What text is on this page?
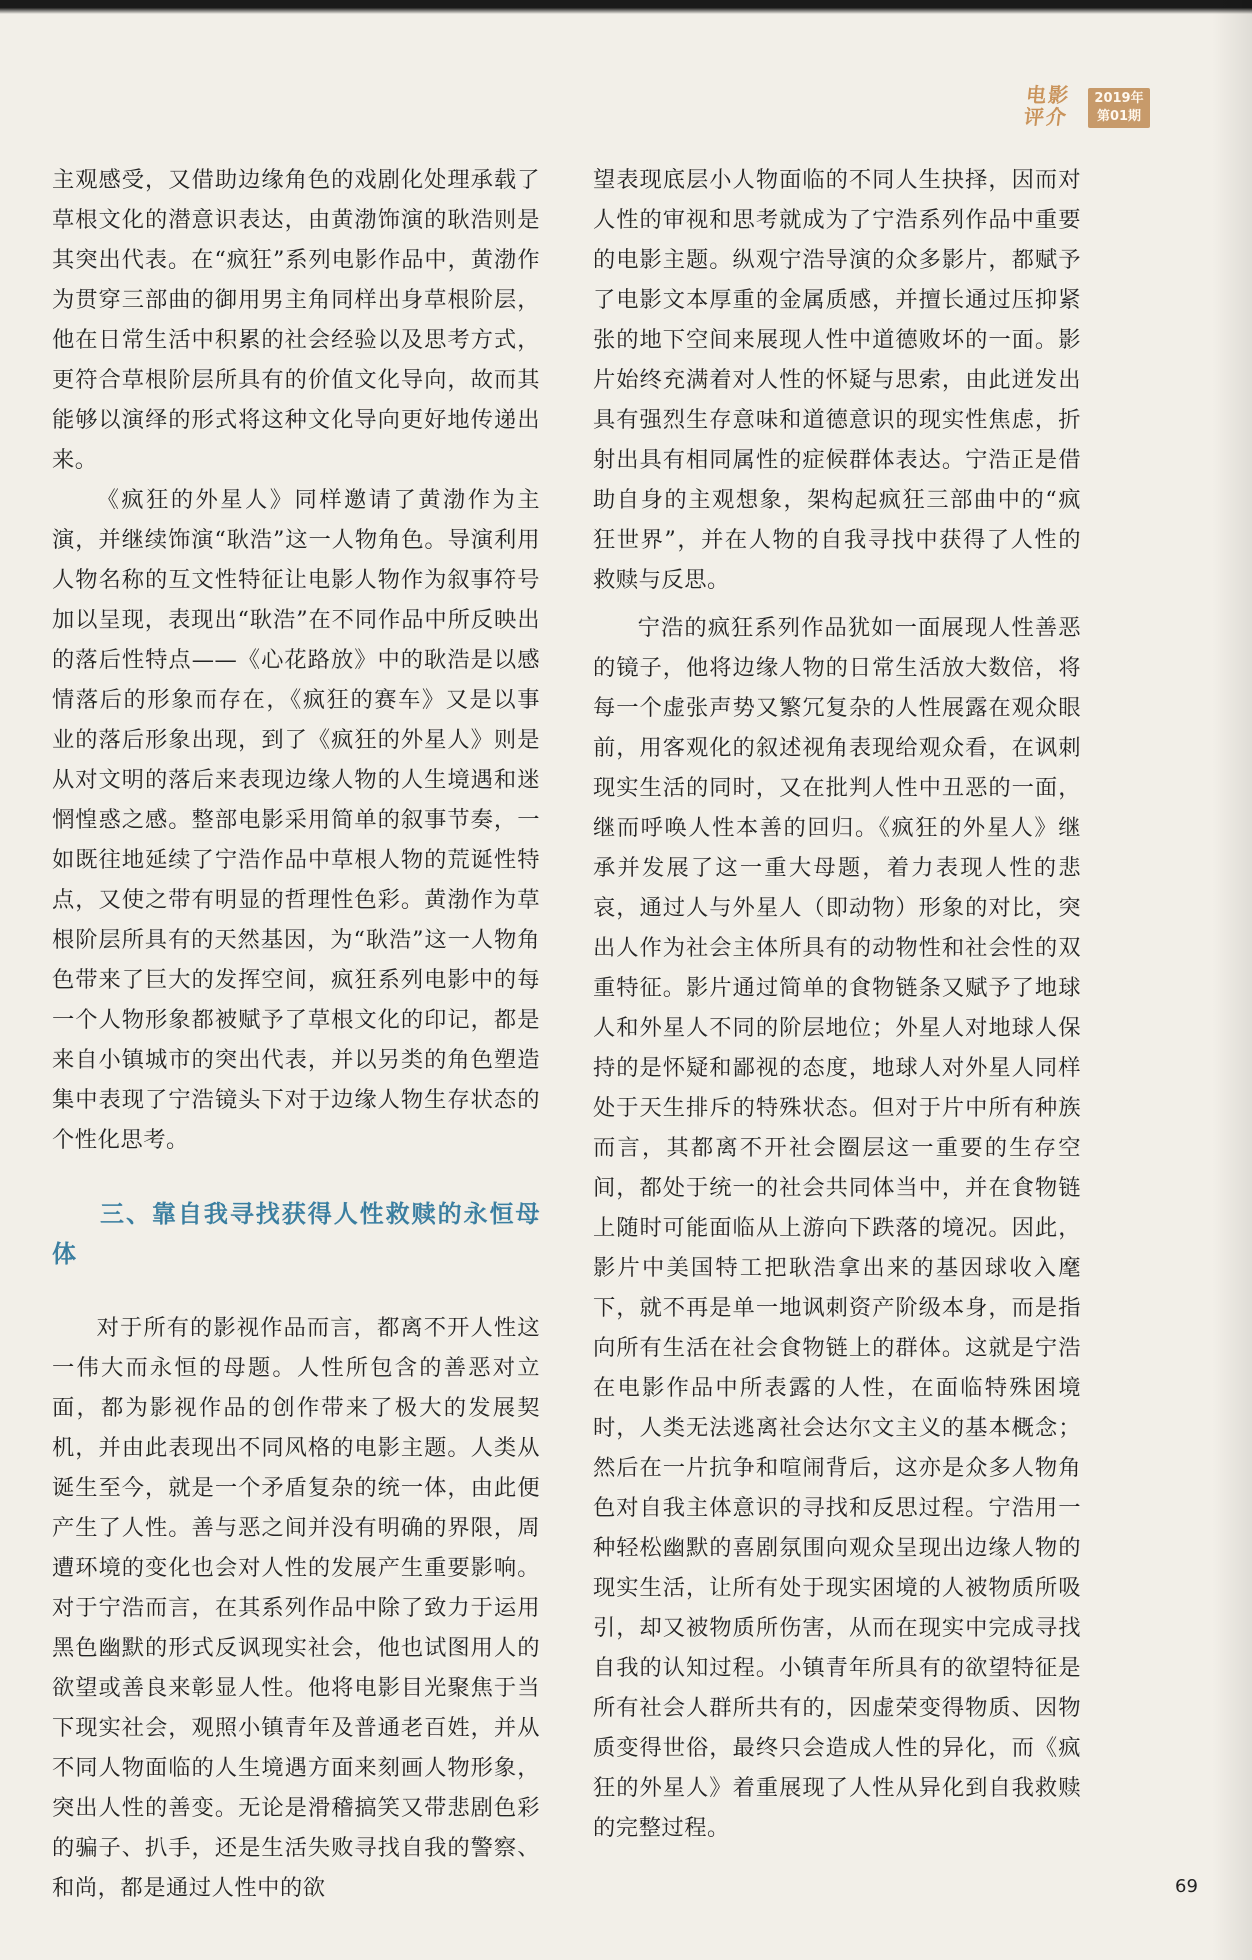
电影
评介
2019年
第01期

主观感受，又借助边缘角色的戏剧化处理承载了草根文化的潜意识表达，由黄渤饰演的耿浩则是其突出代表。在“疯狂”系列电影作品中，黄渤作为贯穿三部曲的御用男主角同样出身草根阶层，他在日常生活中积累的社会经验以及思考方式，更符合草根阶层所具有的价值文化导向，故而其能够以演绎的形式将这种文化导向更好地传递出来。

《疯狂的外星人》同样邀请了黄渤作为主演，并继续饰演“耿浩”这一人物角色。导演利用人物名称的互文性特征让电影人物作为叙事符号加以呈现，表现出“耿浩”在不同作品中所反映出的落后性特点——《心花路放》中的耿浩是以感情落后的形象而存在，《疯狂的赛车》又是以事业的落后形象出现，到了《疯狂的外星人》则是从对文明的落后来表现边缘人物的人生境遇和迷惘惶惑之感。整部电影采用简单的叙事节奏，一如既往地延续了宁浩作品中草根人物的荒诞性特点，又使之带有明显的哲理性色彩。黄渤作为草根阶层所具有的天然基因，为“耿浩”这一人物角色带来了巨大的发挥空间，疯狂系列电影中的每一个人物形象都被赋予了草根文化的印记，都是来自小镇城市的突出代表，并以另类的角色塑造集中表现了宁浩镜头下对于边缘人物生存状态的个性化思考。

三、靠自我寻找获得人性救赎的永恒母体

对于所有的影视作品而言，都离不开人性这一伟大而永恒的母题。人性所包含的善恶对立面，都为影视作品的创作带来了极大的发展契机，并由此表现出不同风格的电影主题。人类从诞生至今，就是一个矛盾复杂的统一体，由此便产生了人性。善与恶之间并没有明确的界限，周遭环境的变化也会对人性的发展产生重要影响。对于宁浩而言，在其系列作品中除了致力于运用黑色幽默的形式反讽现实社会，他也试图用人的欲望或善良来彰显人性。他将电影目光聚焦于当下现实社会，观照小镇青年及普通老百姓，并从不同人物面临的人生境遇方面来刻画人物形象，突出人性的善变。无论是滑稽搞笑又带悲剧色彩的骗子、扒手，还是生活失败寻找自我的警察、和尚，都是通过人性中的欲

望表现底层小人物面临的不同人生抉择，因而对人性的审视和思考就成为了宁浩系列作品中重要的电影主题。纵观宁浩导演的众多影片，都赋予了电影文本厚重的金属质感，并擅长通过压抑紧张的地下空间来展现人性中道德败坏的一面。影片始终充满着对人性的怀疑与思索，由此迸发出具有强烈生存意味和道德意识的现实性焦虑，折射出具有相同属性的症候群体表达。宁浩正是借助自身的主观想象，架构起疯狂三部曲中的“疯狂世界”，并在人物的自我寻找中获得了人性的救赎与反思。

宁浩的疯狂系列作品犹如一面展现人性善恶的镜子，他将边缘人物的日常生活放大数倍，将每一个虚张声势又繁冗复杂的人性展露在观众眼前，用客观化的叙述视角表现给观众看，在讽刺现实生活的同时，又在批判人性中丑恶的一面，继而呼唤人性本善的回归。《疯狂的外星人》继承并发展了这一重大母题，着力表现人性的悲哀，通过人与外星人（即动物）形象的对比，突出人作为社会主体所具有的动物性和社会性的双重特征。影片通过简单的食物链条又赋予了地球人和外星人不同的阶层地位；外星人对地球人保持的是怀疑和鄙视的态度，地球人对外星人同样处于天生排斥的特殊状态。但对于片中所有种族而言，其都离不开社会圈层这一重要的生存空间，都处于统一的社会共同体当中，并在食物链上随时可能面临从上游向下跌落的境况。因此，影片中美国特工把耿浩拿出来的基因球收入麾下，就不再是单一地讽刺资产阶级本身，而是指向所有生活在社会食物链上的群体。这就是宁浩在电影作品中所表露的人性，在面临特殊困境时，人类无法逃离社会达尔文主义的基本概念；然后在一片抗争和喧闹背后，这亦是众多人物角色对自我主体意识的寻找和反思过程。宁浩用一种轻松幽默的喜剧氛围向观众呈现出边缘人物的现实生活，让所有处于现实困境的人被物质所吸引，却又被物质所伤害，从而在现实中完成寻找自我的认知过程。小镇青年所具有的欲望特征是所有社会人群所共有的，因虚荣变得物质、因物质变得世俗，最终只会造成人性的异化，而《疯狂的外星人》着重展现了人性从异化到自我救赎的完整过程。

69
